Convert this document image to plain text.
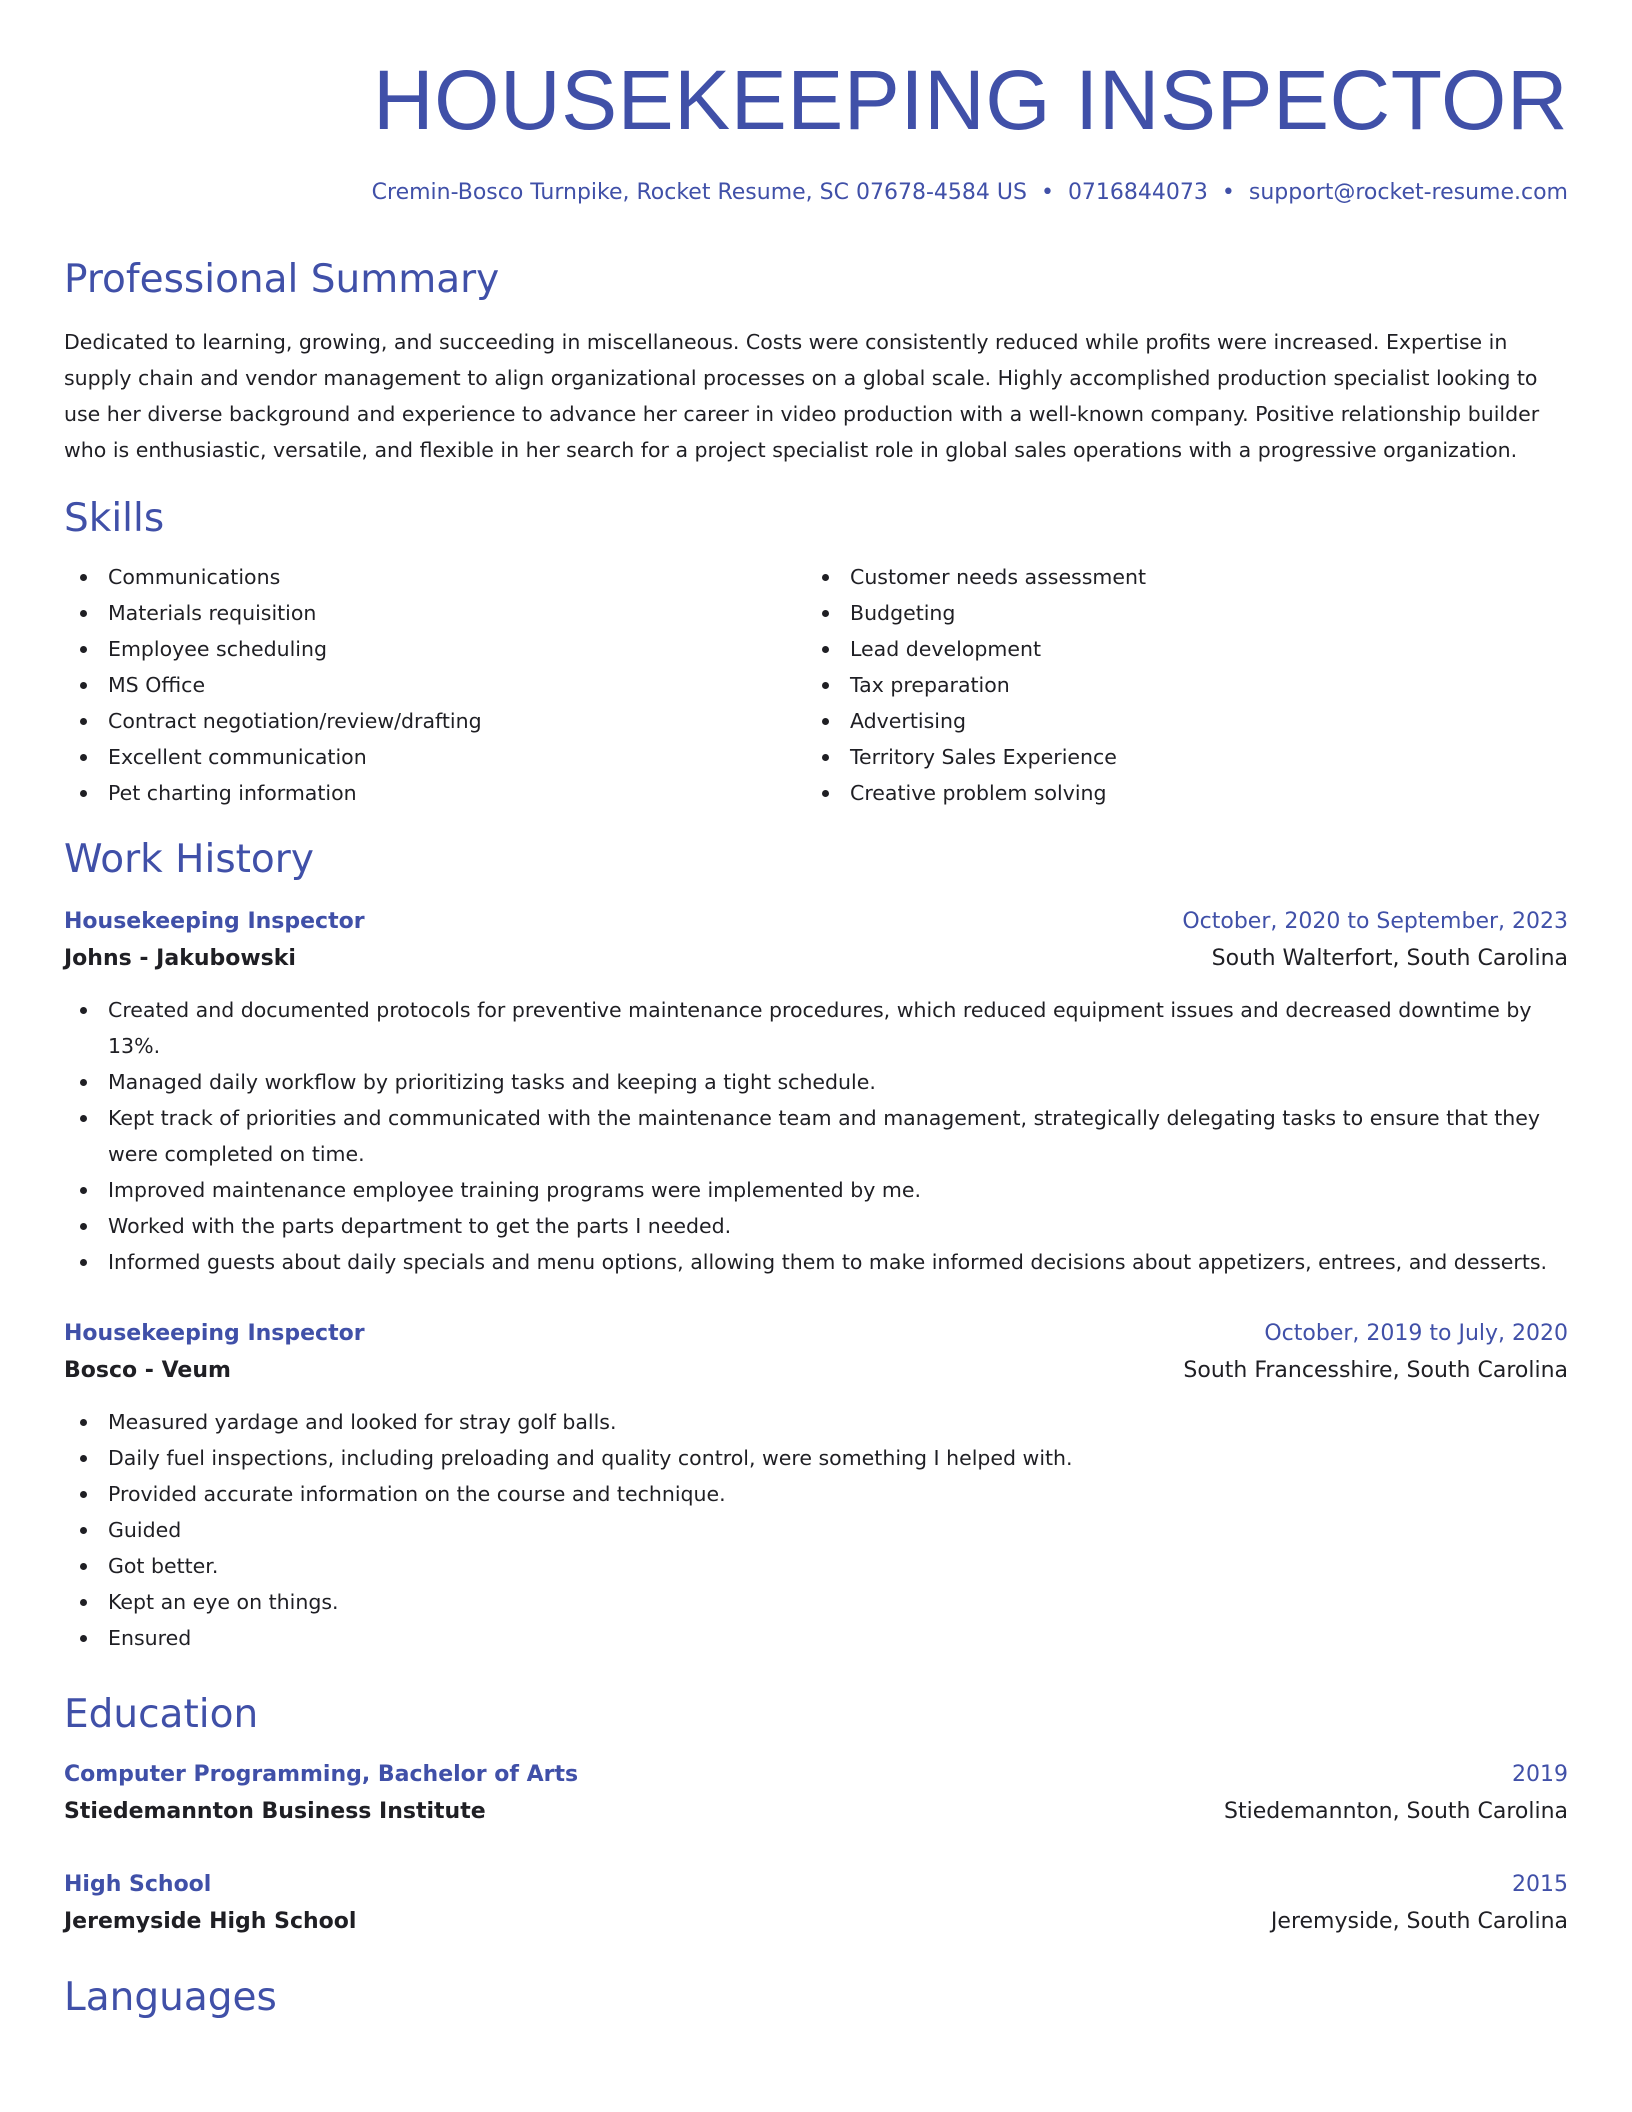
HOUSEKEEPING INSPECTOR
Cremin-Bosco Turnpike, Rocket Resume, SC 07678-4584 US • 0716844073 • support@rocket-resume.com
Professional Summary

Dedicated to learning, growing, and succeeding in miscellaneous. Costs were consistently reduced while profits were increased. Expertise in supply chain and vendor management to align organizational processes on a global scale. Highly accomplished production specialist looking to use her diverse background and experience to advance her career in video production with a well-known company. Positive relationship builder who is enthusiastic, versatile, and flexible in her search for a project specialist role in global sales operations with a progressive organization.

Skills
Communications
Materials requisition
Employee scheduling
MS Office
Contract negotiation/review/drafting
Excellent communication
Pet charting information
Customer needs assessment
Budgeting
Lead development
Tax preparation
Advertising
Territory Sales Experience
Creative problem solving
Work History
Housekeeping Inspector	October, 2020 to September, 2023
Johns - Jakubowski	South Walterfort, South Carolina
Created and documented protocols for preventive maintenance procedures, which reduced equipment issues and decreased downtime by 13%.
Managed daily workflow by prioritizing tasks and keeping a tight schedule.
Kept track of priorities and communicated with the maintenance team and management, strategically delegating tasks to ensure that they were completed on time.
Improved maintenance employee training programs were implemented by me.
Worked with the parts department to get the parts I needed.
Informed guests about daily specials and menu options, allowing them to make informed decisions about appetizers, entrees, and desserts.
Housekeeping Inspector	October, 2019 to July, 2020
Bosco - Veum	South Francesshire, South Carolina
Measured yardage and looked for stray golf balls.
Daily fuel inspections, including preloading and quality control, were something I helped with.
Provided accurate information on the course and technique.
Guided
Got better.
Kept an eye on things.
Ensured
Education
Computer Programming, Bachelor of Arts	2019
Stiedemannton Business Institute	Stiedemannton, South Carolina
High School	2015
Jeremyside High School	Jeremyside, South Carolina
Languages
